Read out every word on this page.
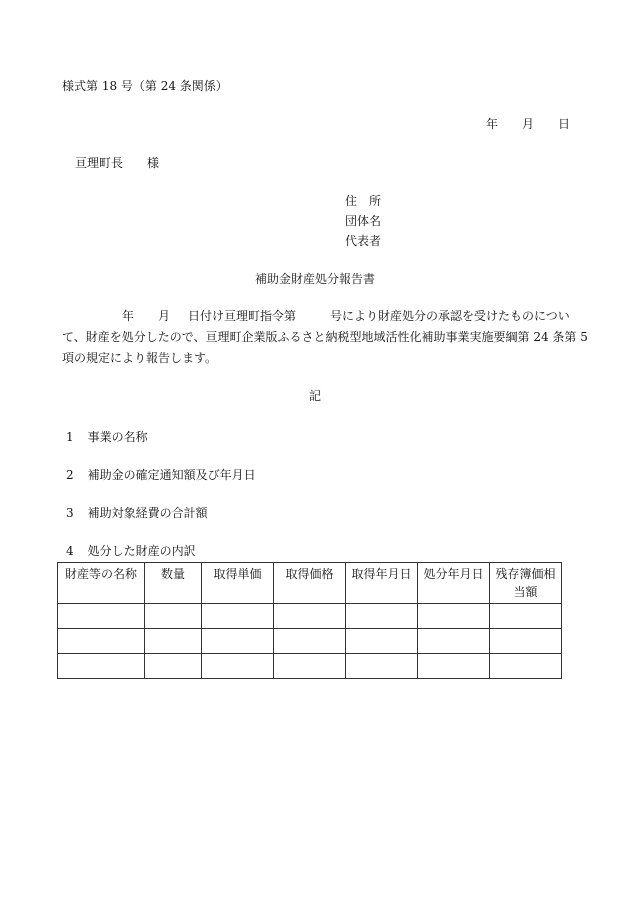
様式第 18 号（第 24 条関係）
年 月 日
亘理町長 様
住　所
団体名
代表者
補助金財産処分報告書
年 月 日付け亘理町指令第	号により財産処分の承認を受けたものについ
て、財産を処分したので、亘理町企業版ふるさと納税型地域活性化補助事業実施要綱第 24 条第 5
項の規定により報告します。
記
1 事業の名称
2 補助金の確定通知額及び年月日
3 補助対象経費の合計額
4 処分した財産の内訳
財産等の名称	数量	取得単価	取得価格	取得年月日	処分年月日	残存簿価相当額
